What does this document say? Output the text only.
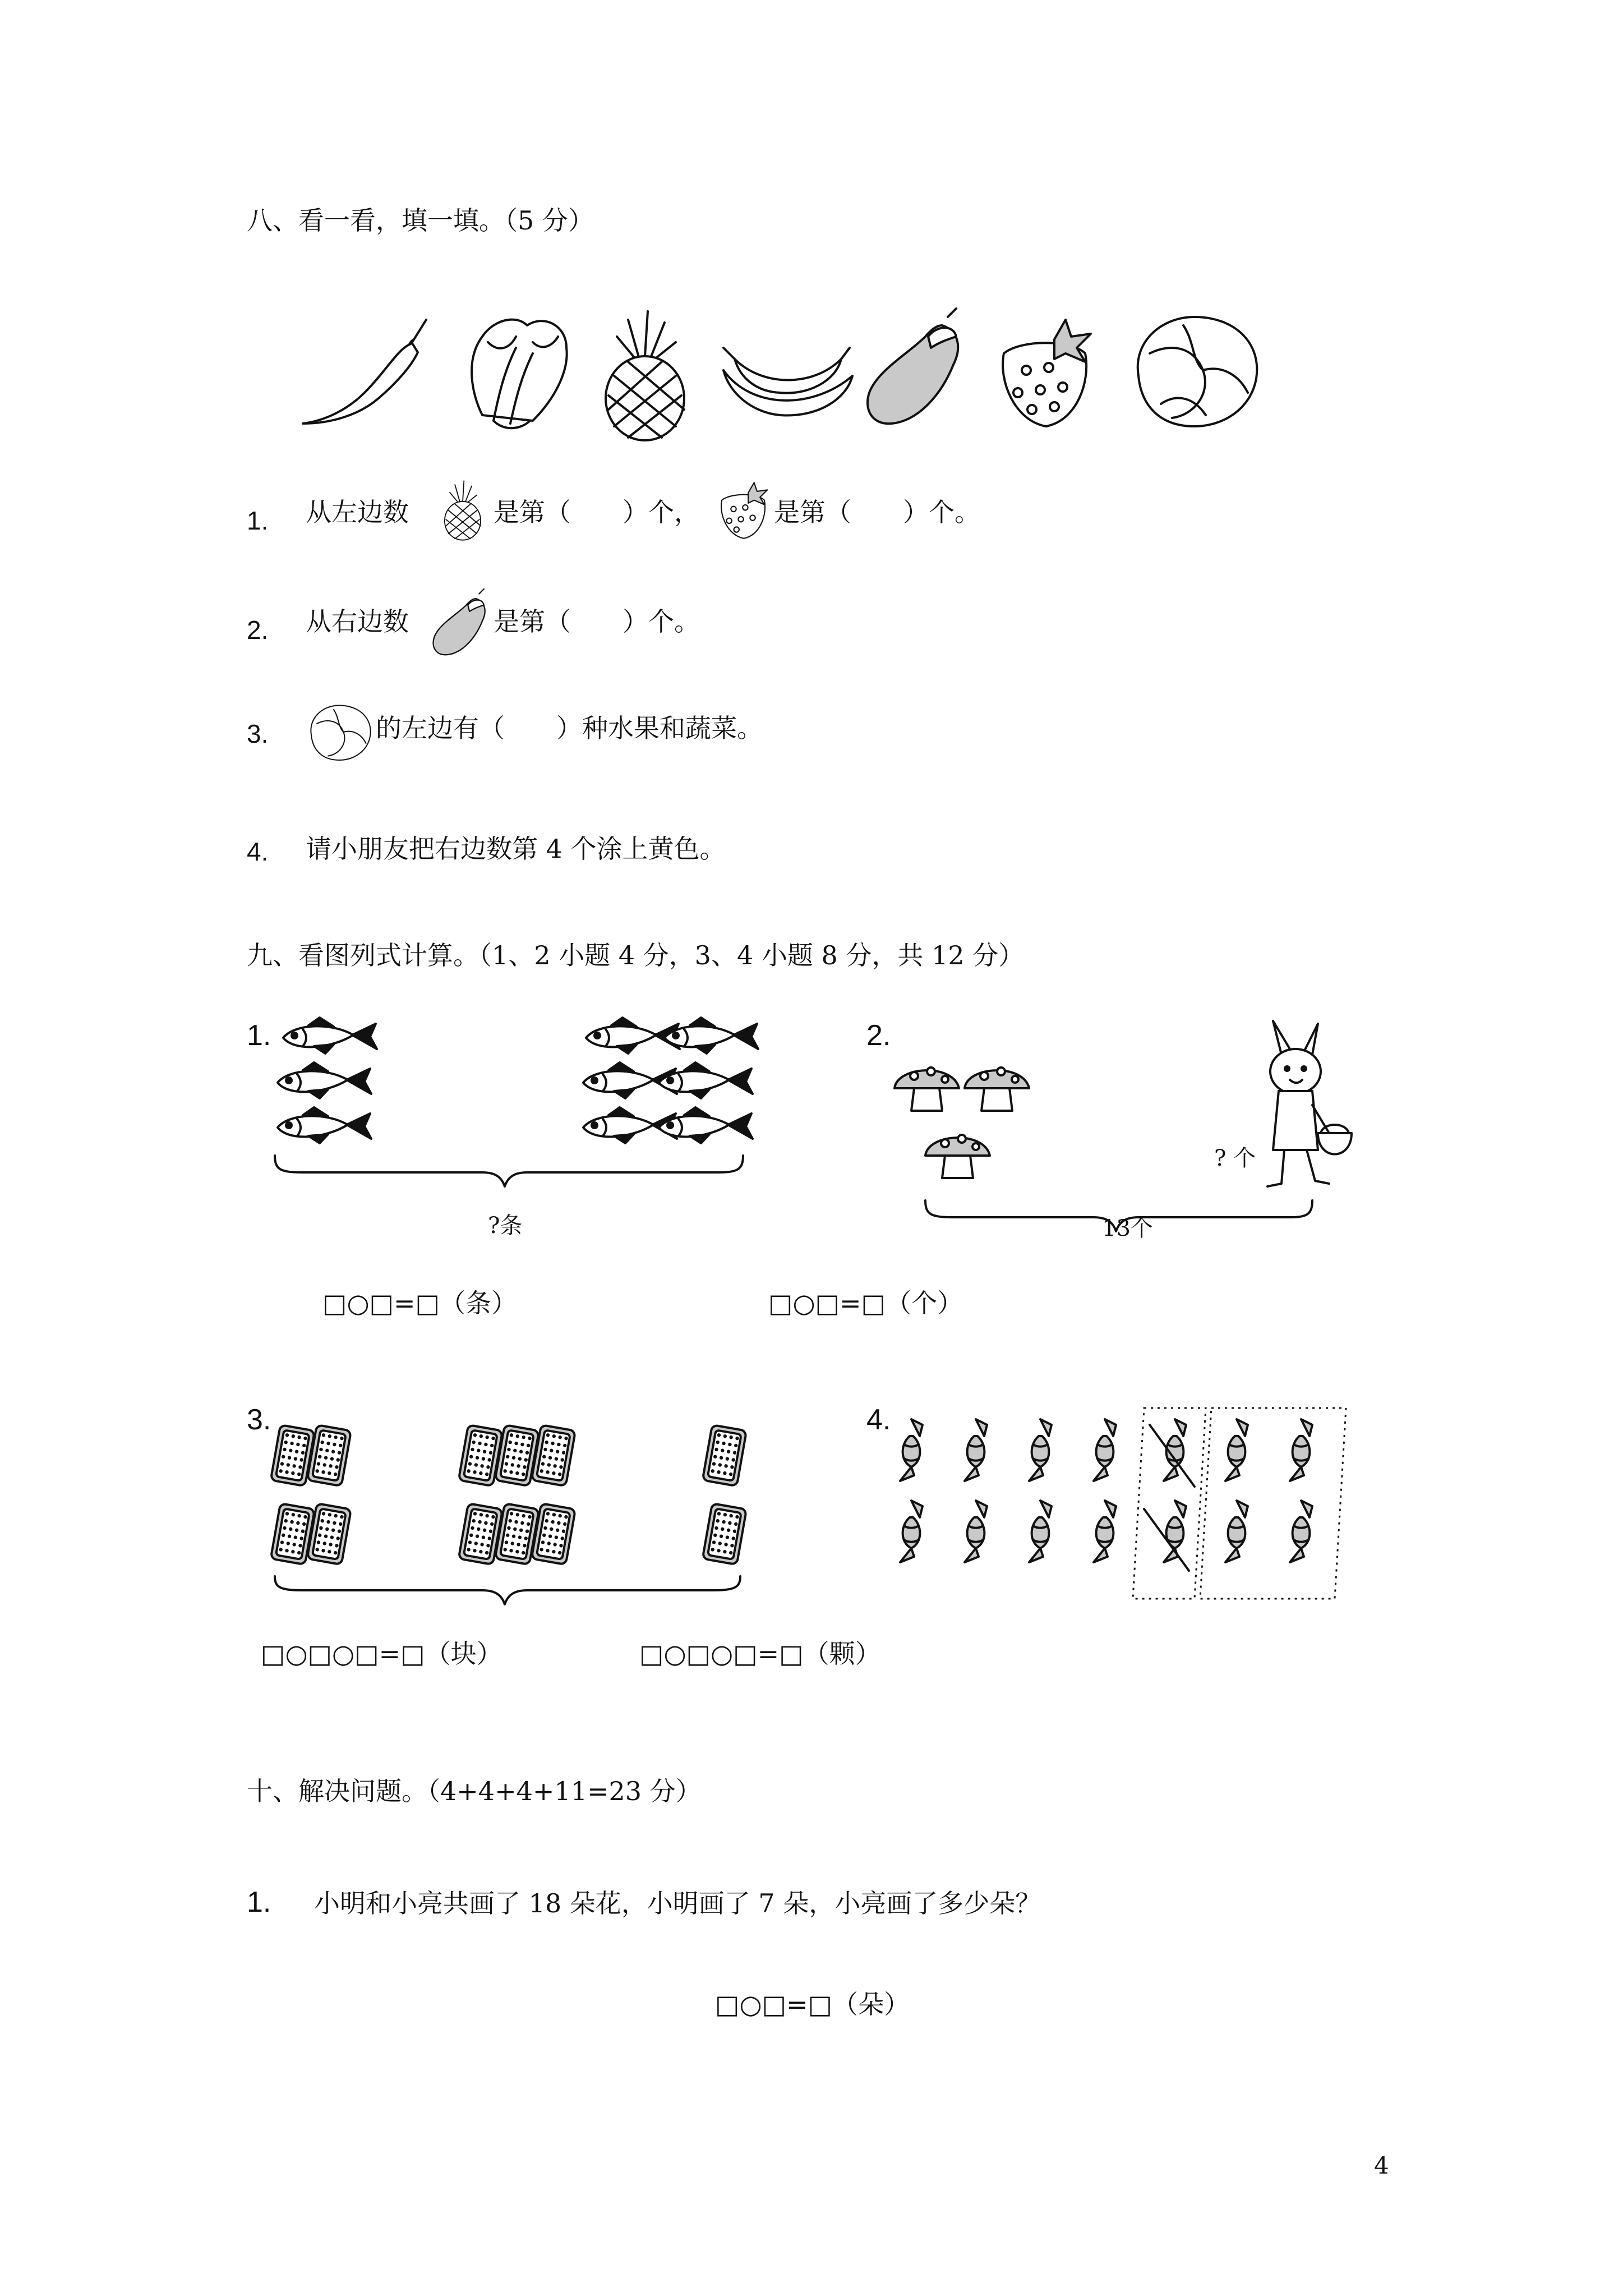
八、看一看，填一填。（5 分）
1. 从左边数	是第（　　）个，	是第（　　）个。
2. 从右边数	是第（　　）个。
3.	的左边有（　　）种水果和蔬菜。
4. 请小朋友把右边数第 4 个涂上黄色。
九、看图列式计算。（1、2 小题 4 分，3、4 小题 8 分，共 12 分）
1.
?条
□○□=□（条）
2.
? 个
13个
□○□=□（个）
3.
□○□○□=□（块）
4.
□○□○□=□（颗）
十、解决问题。（4+4+4+11=23 分）
1. 小明和小亮共画了 18 朵花，小明画了 7 朵，小亮画了多少朵？
□○□=□（朵）
4
